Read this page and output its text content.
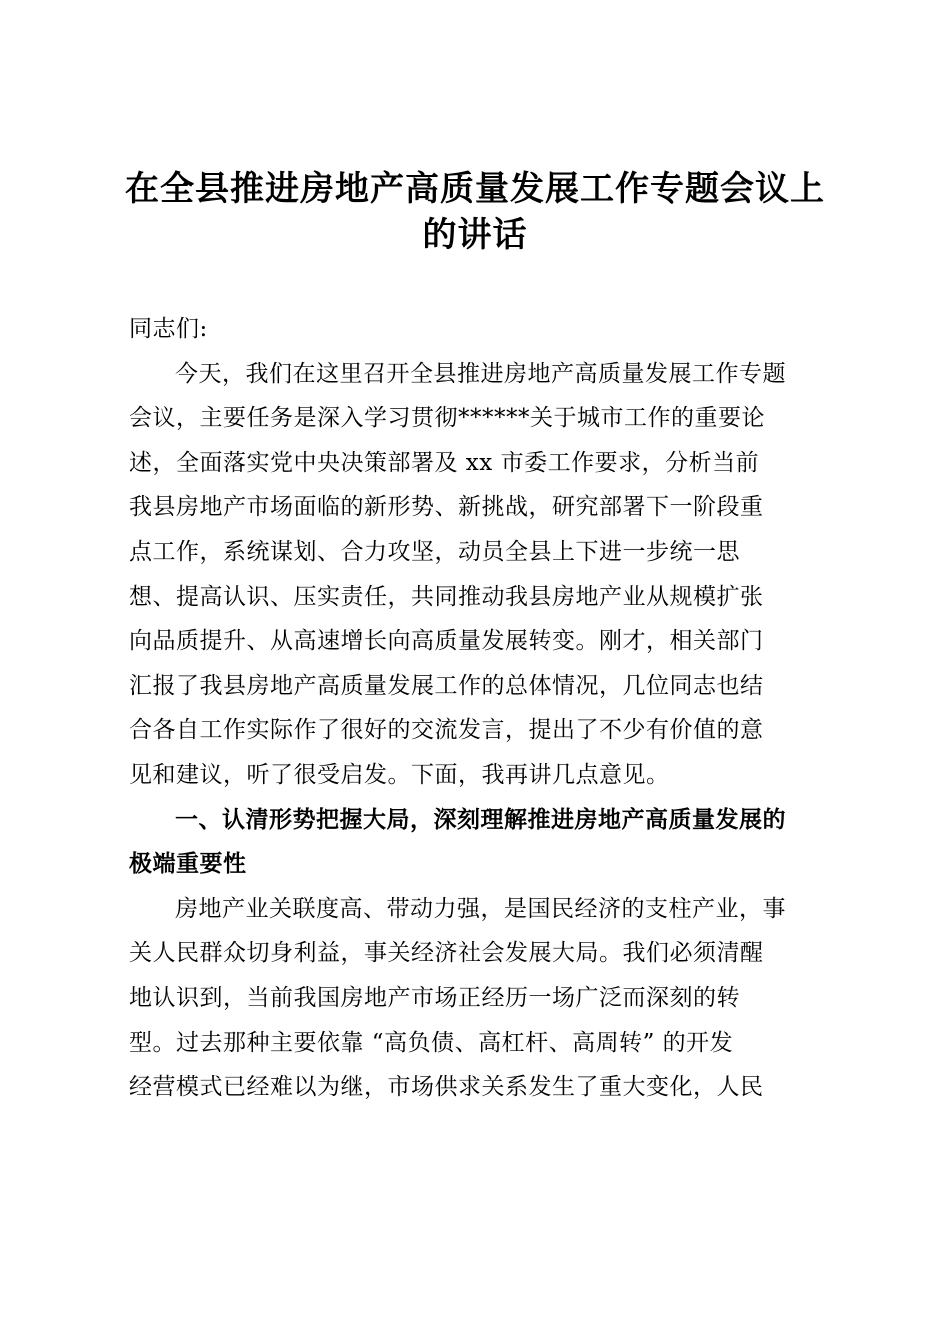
在全县推进房地产高质量发展工作专题会议上
的讲话
同志们:
今天，我们在这里召开全县推进房地产高质量发展工作专题
会议，主要任务是深入学习贯彻******关于城市工作的重要论
述，全面落实党中央决策部署及 xx 市委工作要求，分析当前
我县房地产市场面临的新形势、新挑战，研究部署下一阶段重
点工作，系统谋划、合力攻坚，动员全县上下进一步统一思
想、提高认识、压实责任，共同推动我县房地产业从规模扩张
向品质提升、从高速增长向高质量发展转变。刚才，相关部门
汇报了我县房地产高质量发展工作的总体情况，几位同志也结
合各自工作实际作了很好的交流发言，提出了不少有价值的意
见和建议，听了很受启发。下面，我再讲几点意见。
一、认清形势把握大局，深刻理解推进房地产高质量发展的
极端重要性
房地产业关联度高、带动力强，是国民经济的支柱产业，事
关人民群众切身利益，事关经济社会发展大局。我们必须清醒
地认识到，当前我国房地产市场正经历一场广泛而深刻的转
型。过去那种主要依靠 “高负债、高杠杆、高周转” 的开发
经营模式已经难以为继，市场供求关系发生了重大变化，人民
